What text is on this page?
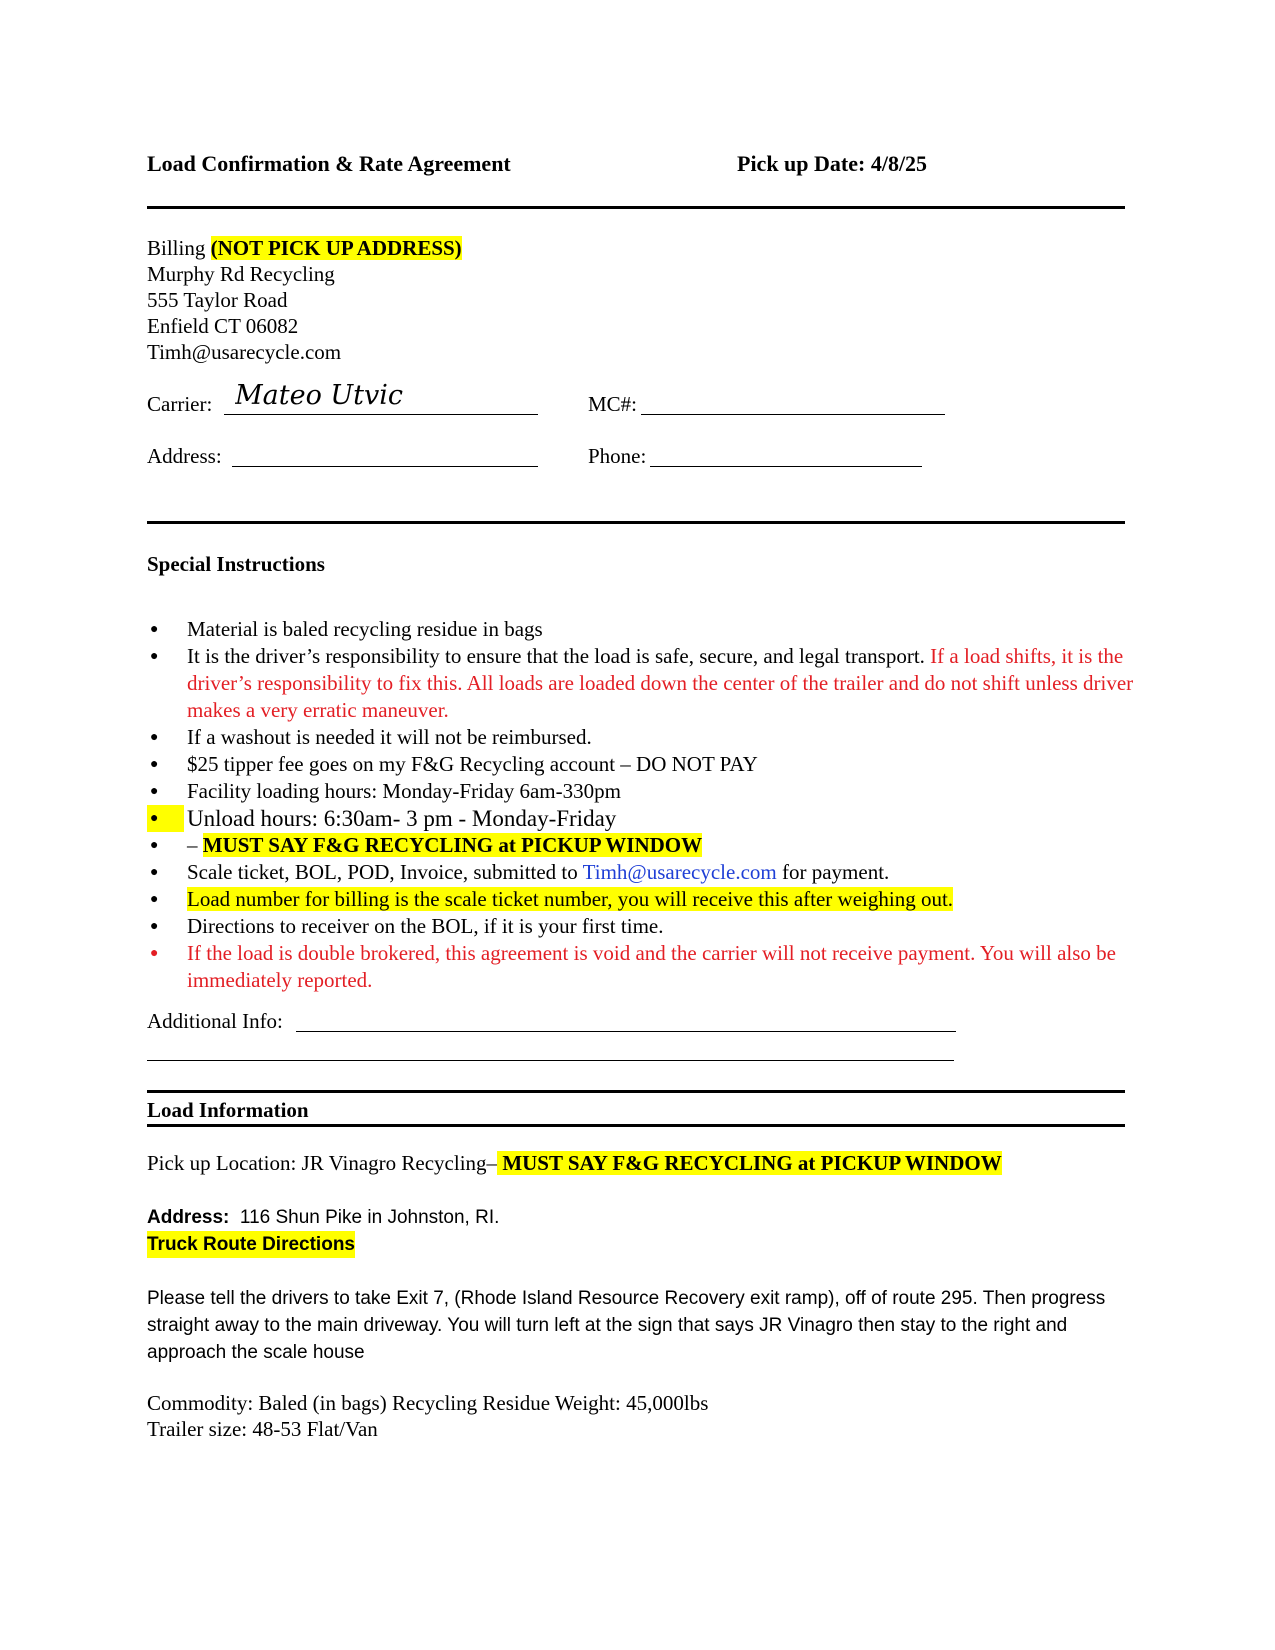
Load Confirmation & Rate Agreement	Pick up Date: 4/8/25
Billing (NOT PICK UP ADDRESS)
Murphy Rd Recycling
555 Taylor Road
Enfield CT 06082
Timh@usarecycle.com
Carrier: Mateo Utvic	MC#:
Address:	Phone:
Special Instructions
● Material is baled recycling residue in bags
● It is the driver’s responsibility to ensure that the load is safe, secure, and legal transport. If a load shifts, it is the driver’s responsibility to fix this. All loads are loaded down the center of the trailer and do not shift unless driver makes a very erratic maneuver.
● If a washout is needed it will not be reimbursed.
● $25 tipper fee goes on my F&G Recycling account – DO NOT PAY
● Facility loading hours: Monday-Friday 6am-330pm
●	Unload hours: 6:30am- 3 pm - Monday-Friday
● – MUST SAY F&G RECYCLING at PICKUP WINDOW
● Scale ticket, BOL, POD, Invoice, submitted to Timh@usarecycle.com for payment.
● Load number for billing is the scale ticket number, you will receive this after weighing out.
● Directions to receiver on the BOL, if it is your first time.
● If the load is double brokered, this agreement is void and the carrier will not receive payment. You will also be immediately reported.
Additional Info:
Load Information
Pick up Location: JR Vinagro Recycling– MUST SAY F&G RECYCLING at PICKUP WINDOW
Address:  116 Shun Pike in Johnston, RI.
Truck Route Directions
Please tell the drivers to take Exit 7, (Rhode Island Resource Recovery exit ramp), off of route 295. Then progress straight away to the main driveway. You will turn left at the sign that says JR Vinagro then stay to the right and approach the scale house
Commodity: Baled (in bags) Recycling Residue Weight: 45,000lbs
Trailer size: 48-53 Flat/Van
